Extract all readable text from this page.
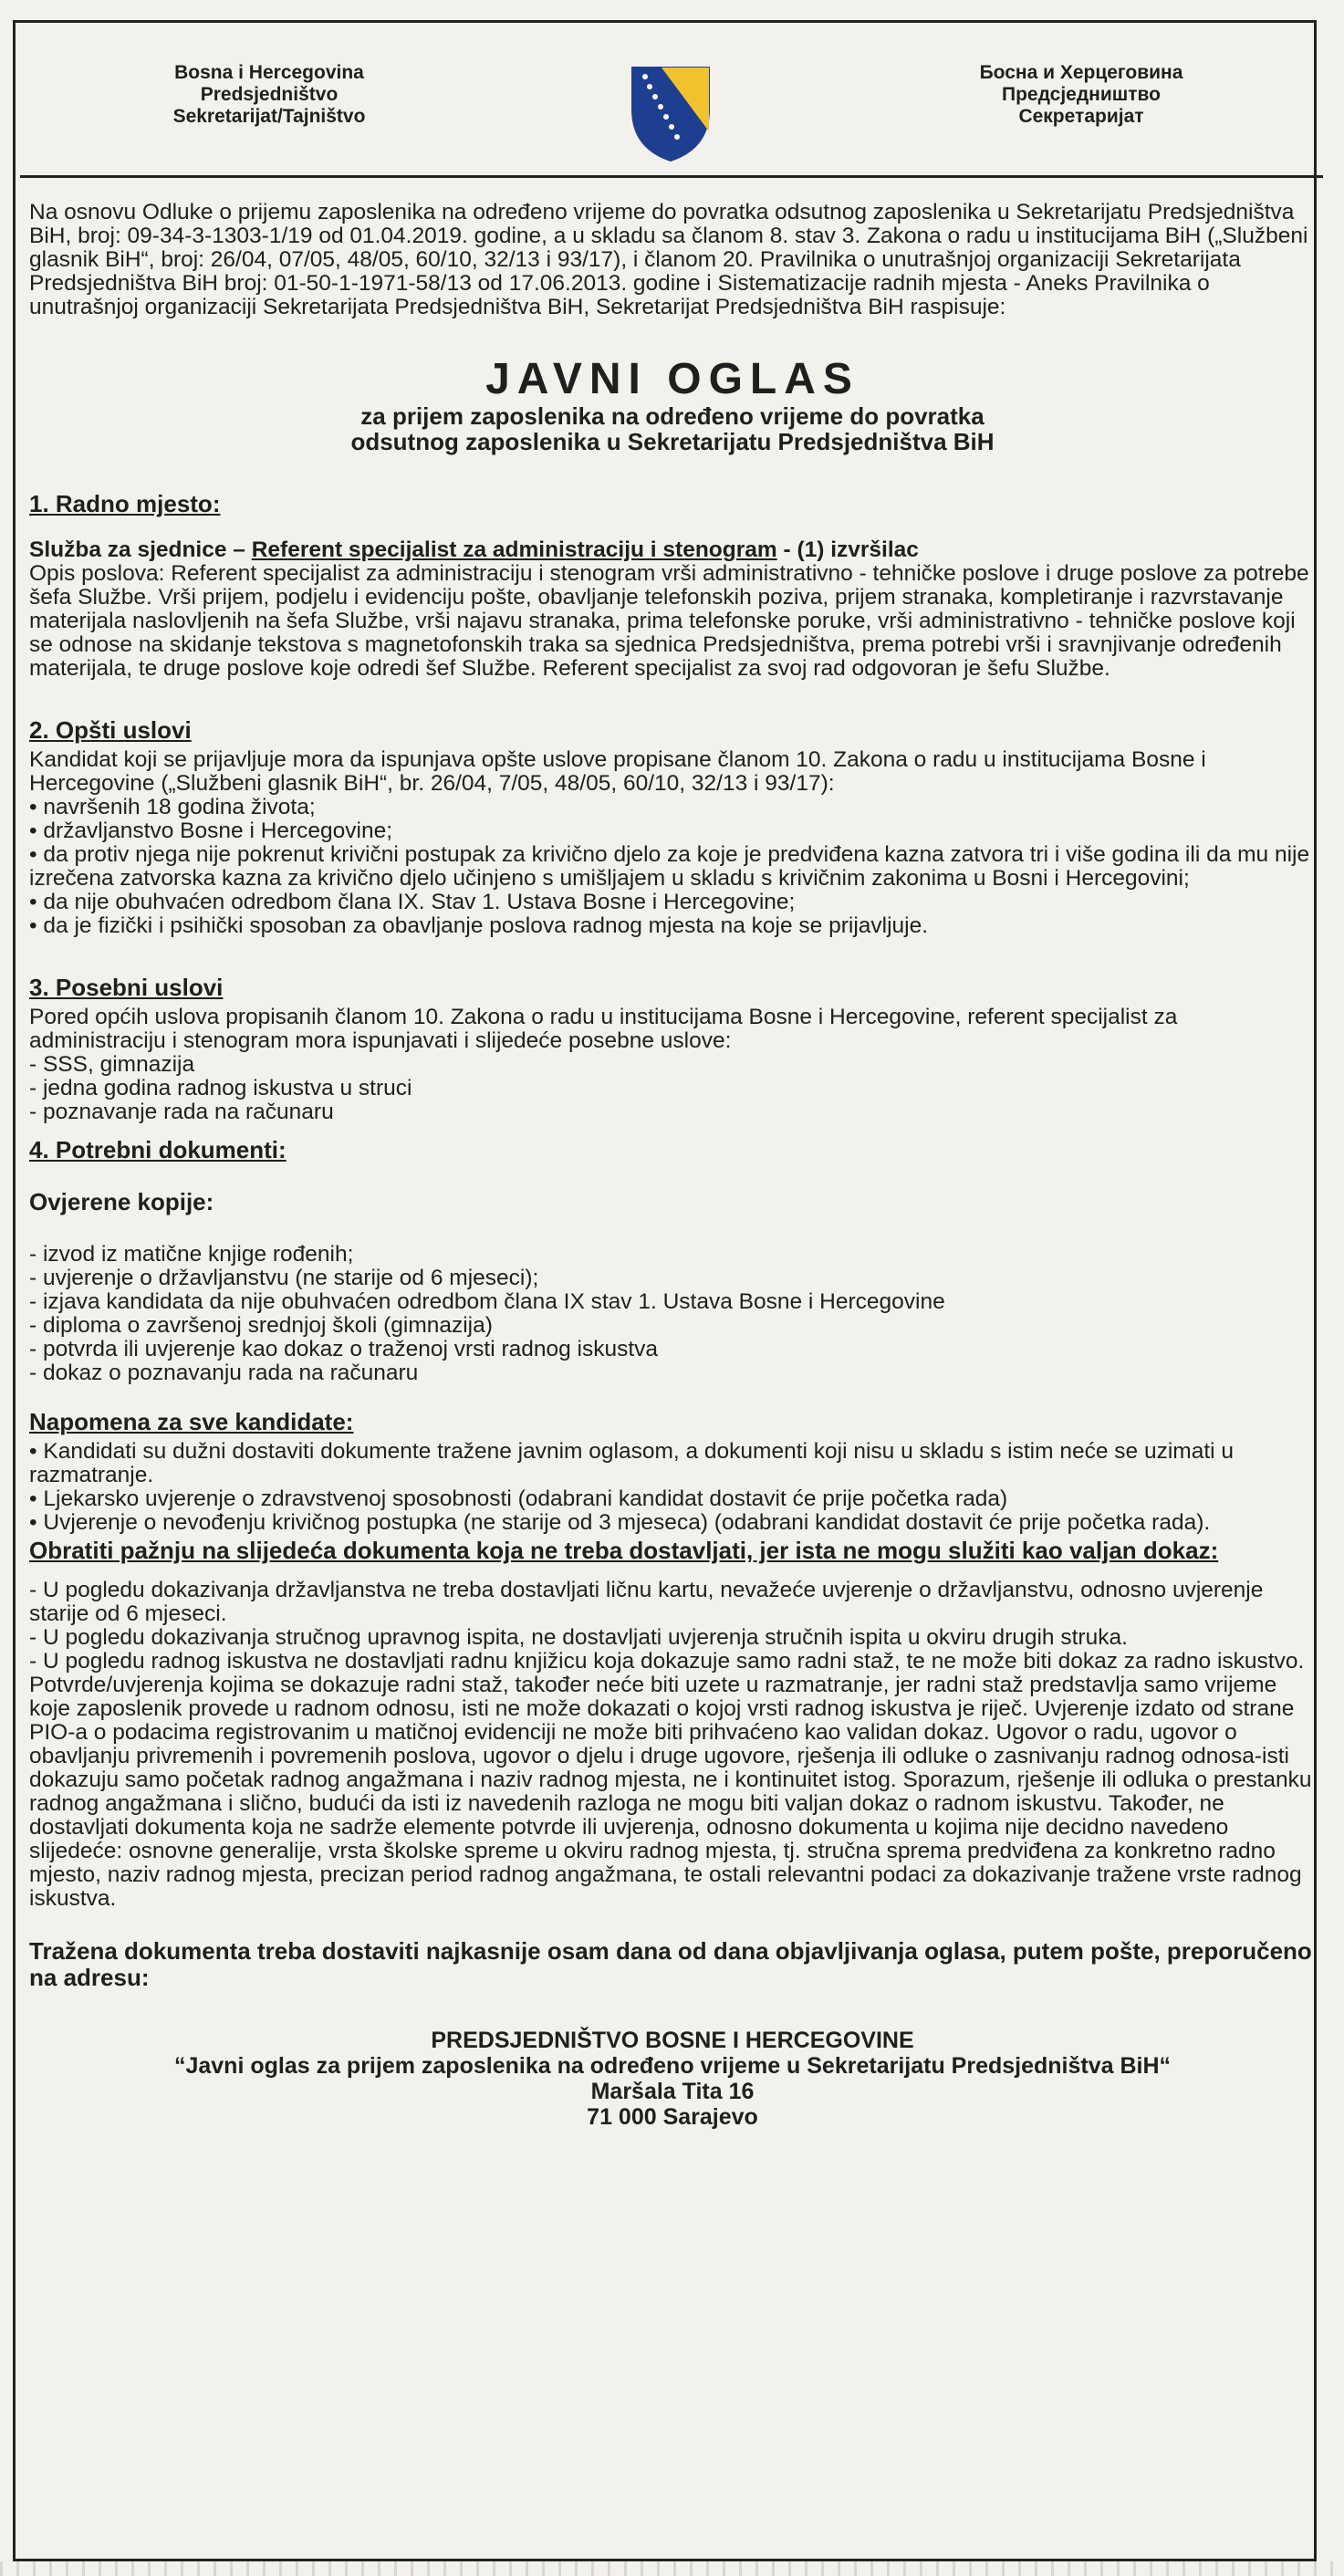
Bosna i Hercegovina
Predsjedništvo
Sekretarijat/Tajništvo
Босна и Херцеговина
Предсједништво
Секретаријат

Na osnovu Odluke o prijemu zaposlenika na određeno vrijeme do povratka odsutnog zaposlenika u Sekretarijatu Predsjedništva BiH, broj: 09-34-3-1303-1/19 od 01.04.2019. godine, a u skladu sa članom 8. stav 3. Zakona o radu u institucijama BiH („Službeni glasnik BiH“, broj: 26/04, 07/05, 48/05, 60/10, 32/13 i 93/17), i članom 20. Pravilnika o unutrašnjoj organizaciji Sekretarijata Predsjedništva BiH broj: 01-50-1-1971-58/13 od 17.06.2013. godine i Sistematizacije radnih mjesta - Aneks Pravilnika o unutrašnjoj organizaciji Sekretarijata Predsjedništva BiH, Sekretarijat Predsjedništva BiH raspisuje:

JAVNI OGLAS
za prijem zaposlenika na određeno vrijeme do povratka
odsutnog zaposlenika u Sekretarijatu Predsjedništva BiH
1. Radno mjesto:

Služba za sjednice – Referent specijalist za administraciju i stenogram - (1) izvršilac

Opis poslova: Referent specijalist za administraciju i stenogram vrši administrativno - tehničke poslove i druge poslove za potrebe šefa Službe. Vrši prijem, podjelu i evidenciju pošte, obavljanje telefonskih poziva, prijem stranaka, kompletiranje i razvrstavanje materijala naslovljenih na šefa Službe, vrši najavu stranaka, prima telefonske poruke, vrši administrativno - tehničke poslove koji se odnose na skidanje tekstova s magnetofonskih traka sa sjednica Predsjedništva, prema potrebi vrši i sravnjivanje određenih materijala, te druge poslove koje odredi šef Službe. Referent specijalist za svoj rad odgovoran je šefu Službe.

2. Opšti uslovi

Kandidat koji se prijavljuje mora da ispunjava opšte uslove propisane članom 10. Zakona o radu u institucijama Bosne i Hercegovine („Službeni glasnik BiH“, br. 26/04, 7/05, 48/05, 60/10, 32/13 i 93/17):

• navršenih 18 godina života;
• državljanstvo Bosne i Hercegovine;
• da protiv njega nije pokrenut krivični postupak za krivično djelo za koje je predviđena kazna zatvora tri i više godina ili da mu nije izrečena zatvorska kazna za krivično djelo učinjeno s umišljajem u skladu s krivičnim zakonima u Bosni i Hercegovini;
• da nije obuhvaćen odredbom člana IX. Stav 1. Ustava Bosne i Hercegovine;
• da je fizički i psihički sposoban za obavljanje poslova radnog mjesta na koje se prijavljuje.
3. Posebni uslovi

Pored općih uslova propisanih članom 10. Zakona o radu u institucijama Bosne i Hercegovine, referent specijalist za administraciju i stenogram mora ispunjavati i slijedeće posebne uslove:

- SSS, gimnazija
- jedna godina radnog iskustva u struci
- poznavanje rada na računaru
4. Potrebni dokumenti:

Ovjerene kopije:

- izvod iz matične knjige rođenih;
- uvjerenje o državljanstvu (ne starije od 6 mjeseci);
- izjava kandidata da nije obuhvaćen odredbom člana IX stav 1. Ustava Bosne i Hercegovine
- diploma o završenoj srednjoj školi (gimnazija)
- potvrda ili uvjerenje kao dokaz o traženoj vrsti radnog iskustva
- dokaz o poznavanju rada na računaru
Napomena za sve kandidate:
• Kandidati su dužni dostaviti dokumente tražene javnim oglasom, a dokumenti koji nisu u skladu s istim neće se uzimati u razmatranje.
• Ljekarsko uvjerenje o zdravstvenoj sposobnosti (odabrani kandidat dostavit će prije početka rada)
• Uvjerenje o nevođenju krivičnog postupka (ne starije od 3 mjeseca) (odabrani kandidat dostavit će prije početka rada).

Obratiti pažnju na slijedeća dokumenta koja ne treba dostavljati, jer ista ne mogu služiti kao valjan dokaz:

- U pogledu dokazivanja državljanstva ne treba dostavljati ličnu kartu, nevažeće uvjerenje o državljanstvu, odnosno uvjerenje starije od 6 mjeseci.
- U pogledu dokazivanja stručnog upravnog ispita, ne dostavljati uvjerenja stručnih ispita u okviru drugih struka.
- U pogledu radnog iskustva ne dostavljati radnu knjižicu koja dokazuje samo radni staž, te ne može biti dokaz za radno iskustvo. Potvrde/uvjerenja kojima se dokazuje radni staž, također neće biti uzete u razmatranje, jer radni staž predstavlja samo vrijeme koje zaposlenik provede u radnom odnosu, isti ne može dokazati o kojoj vrsti radnog iskustva je riječ. Uvjerenje izdato od strane PIO-a o podacima registrovanim u matičnoj evidenciji ne može biti prihvaćeno kao validan dokaz. Ugovor o radu, ugovor o obavljanju privremenih i povremenih poslova, ugovor o djelu i druge ugovore, rješenja ili odluke o zasnivanju radnog odnosa-isti dokazuju samo početak radnog angažmana i naziv radnog mjesta, ne i kontinuitet istog. Sporazum, rješenje ili odluka o prestanku radnog angažmana i slično, budući da isti iz navedenih razloga ne mogu biti valjan dokaz o radnom iskustvu. Također, ne dostavljati dokumenta koja ne sadrže elemente potvrde ili uvjerenja, odnosno dokumenta u kojima nije decidno navedeno slijedeće: osnovne generalije, vrsta školske spreme u okviru radnog mjesta, tj. stručna sprema predviđena za konkretno radno mjesto, naziv radnog mjesta, precizan period radnog angažmana, te ostali relevantni podaci za dokazivanje tražene vrste radnog iskustva.

Tražena dokumenta treba dostaviti najkasnije osam dana od dana objavljivanja oglasa, putem pošte, preporučeno na adresu:

PREDSJEDNIŠTVO BOSNE I HERCEGOVINE
“Javni oglas za prijem zaposlenika na određeno vrijeme u Sekretarijatu Predsjedništva BiH“
Maršala Tita 16
71 000 Sarajevo
